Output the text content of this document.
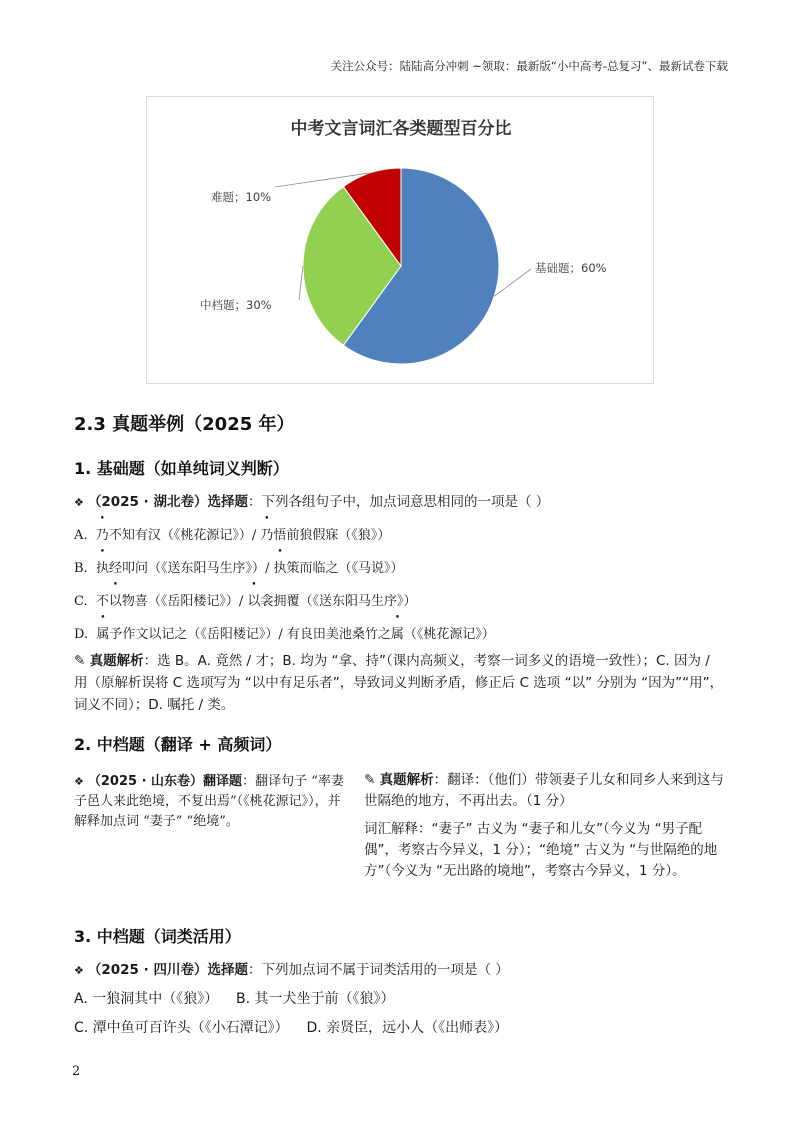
关注公众号：陆陆高分冲刺 ~领取：最新版“小中高考-总复习”、最新试卷下载
中考文言词汇各类题型百分比
基础题；60%
中档题；30%
难题；10%
2.3 真题举例（2025 年）
1. 基础题（如单纯词义判断）
❖ （2025 · 湖北卷）选择题：下列各组句子中，加点词意思相同的一项是（ ）
A. 乃不知有汉（《桃花源记》）/ 乃悟前狼假寐（《狼》）
B. 执经叩问（《送东阳马生序》）/ 执策而临之（《马说》）
C. 不以物喜（《岳阳楼记》）/ 以衾拥覆（《送东阳马生序》）
D. 属予作文以记之（《岳阳楼记》）/ 有良田美池桑竹之属（《桃花源记》）
✎ 真题解析：选 B。A. 竟然 / 才；B. 均为 “拿、持”（课内高频义，考察一词多义的语境一致性）；C. 因为 / 用（原解析误将 C 选项写为 “以中有足乐者”，导致词义判断矛盾，修正后 C 选项 “以” 分别为 “因为”“用”，词义不同）；D. 嘱托 / 类。
2. 中档题（翻译 + 高频词）
❖ （2025 · 山东卷）翻译题：翻译句子 “率妻子邑人来此绝境，不复出焉”（《桃花源记》），并解释加点词 “妻子” “绝境”。

✎ 真题解析：翻译：（他们）带领妻子儿女和同乡人来到这与世隔绝的地方，不再出去。（1 分）

词汇解释：“妻子” 古义为 “妻子和儿女”（今义为 “男子配偶”，考察古今异义，1 分）；“绝境” 古义为 “与世隔绝的地方”（今义为 “无出路的境地”，考察古今异义，1 分）。

3. 中档题（词类活用）
❖ （2025 · 四川卷）选择题：下列加点词不属于词类活用的一项是（ ）
A. 一狼洞其中（《狼》） B. 其一犬坐于前（《狼》）
C. 潭中鱼可百许头（《小石潭记》） D. 亲贤臣，远小人（《出师表》）
2
